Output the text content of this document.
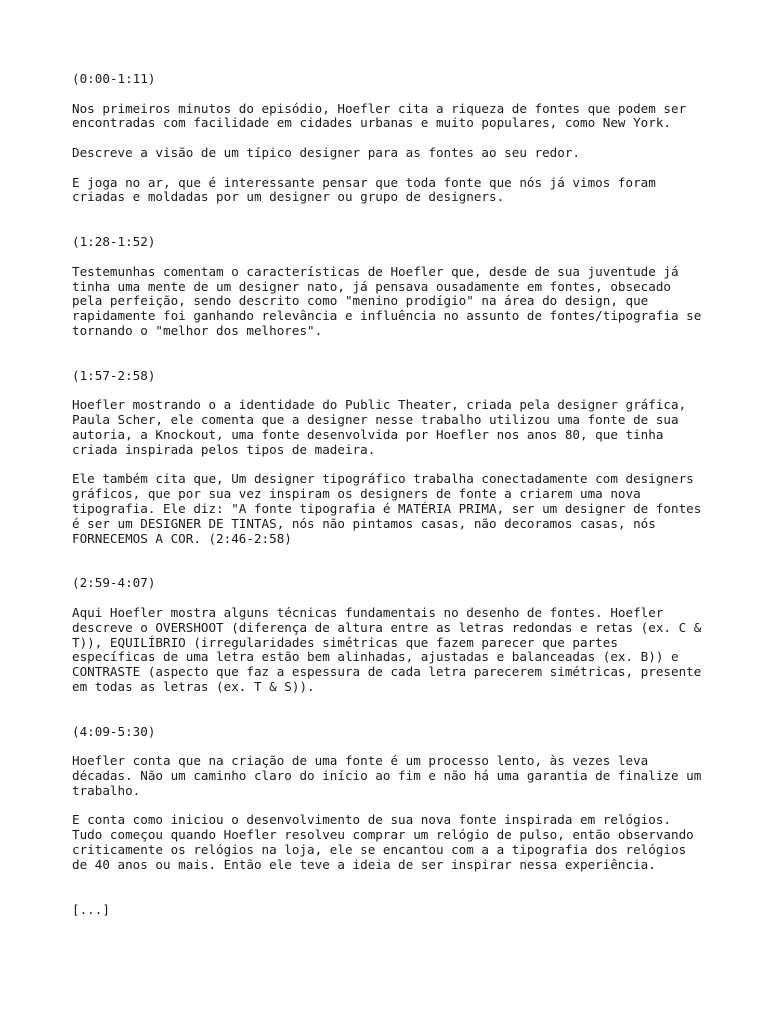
(0:00-1:11)
Nos primeiros minutos do episódio, Hoefler cita a riqueza de fontes que podem ser
encontradas com facilidade em cidades urbanas e muito populares, como New York.
Descreve a visão de um típico designer para as fontes ao seu redor.
E joga no ar, que é interessante pensar que toda fonte que nós já vimos foram
criadas e moldadas por um designer ou grupo de designers.
(1:28-1:52)
Testemunhas comentam o características de Hoefler que, desde de sua juventude já
tinha uma mente de um designer nato, já pensava ousadamente em fontes, obsecado
pela perfeição, sendo descrito como "menino prodígio" na área do design, que
rapidamente foi ganhando relevância e influência no assunto de fontes/tipografia se
tornando o "melhor dos melhores".
(1:57-2:58)
Hoefler mostrando o a identidade do Public Theater, criada pela designer gráfica,
Paula Scher, ele comenta que a designer nesse trabalho utilizou uma fonte de sua
autoria, a Knockout, uma fonte desenvolvida por Hoefler nos anos 80, que tinha
criada inspirada pelos tipos de madeira.
Ele também cita que, Um designer tipográfico trabalha conectadamente com designers
gráficos, que por sua vez inspiram os designers de fonte a criarem uma nova
tipografia. Ele diz: "A fonte tipografia é MATÉRIA PRIMA, ser um designer de fontes
é ser um DESIGNER DE TINTAS, nós não pintamos casas, não decoramos casas, nós
FORNECEMOS A COR. (2:46-2:58)
(2:59-4:07)
Aqui Hoefler mostra alguns técnicas fundamentais no desenho de fontes. Hoefler
descreve o OVERSHOOT (diferença de altura entre as letras redondas e retas (ex. C &
T)), EQUILÍBRIO (irregularidades simétricas que fazem parecer que partes
específicas de uma letra estão bem alinhadas, ajustadas e balanceadas (ex. B)) e
CONTRASTE (aspecto que faz a espessura de cada letra parecerem simétricas, presente
em todas as letras (ex. T & S)).
(4:09-5:30)
Hoefler conta que na criação de uma fonte é um processo lento, às vezes leva
décadas. Não um caminho claro do início ao fim e não há uma garantia de finalize um
trabalho.
E conta como iniciou o desenvolvimento de sua nova fonte inspirada em relógios.
Tudo começou quando Hoefler resolveu comprar um relógio de pulso, então observando
criticamente os relógios na loja, ele se encantou com a a tipografia dos relógios
de 40 anos ou mais. Então ele teve a ideia de ser inspirar nessa experiência.
[...]
